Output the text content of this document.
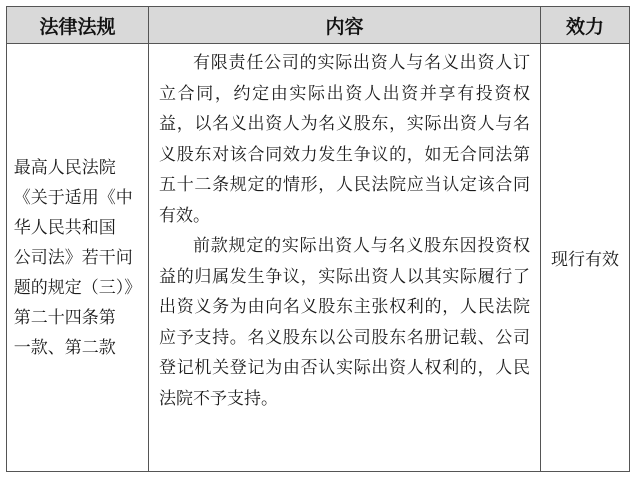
法律法规	内容	效力
最高人民法院
《关于适用《中
华人民共和国
公司法》若干问
题的规定（三）》
第二十四条第
一款、第二款

有限责任公司的实际出资人与名义出资人订立合同，约定由实际出资人出资并享有投资权益，以名义出资人为名义股东，实际出资人与名义股东对该合同效力发生争议的，如无合同法第五十二条规定的情形，人民法院应当认定该合同有效。

前款规定的实际出资人与名义股东因投资权益的归属发生争议，实际出资人以其实际履行了出资义务为由向名义股东主张权利的，人民法院应予支持。名义股东以公司股东名册记载、公司登记机关登记为由否认实际出资人权利的，人民法院不予支持。

现行有效
